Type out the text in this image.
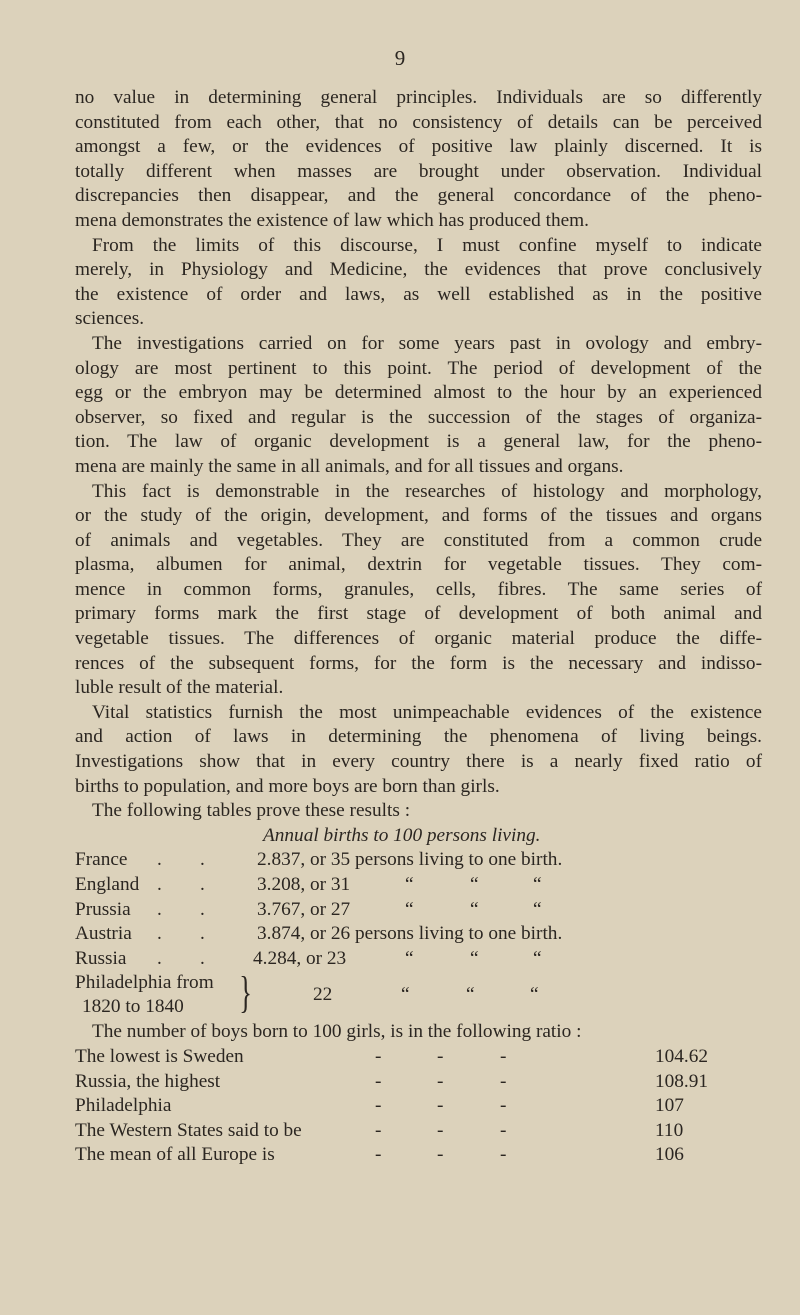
9
no value in determining general principles. Individuals are so differently
constituted from each other, that no consistency of details can be perceived
amongst a few, or the evidences of positive law plainly discerned. It is
totally different when masses are brought under observation. Individual
discrepancies then disappear, and the general concordance of the pheno-
mena demonstrates the existence of law which has produced them.
From the limits of this discourse, I must confine myself to indicate
merely, in Physiology and Medicine, the evidences that prove conclusively
the existence of order and laws, as well established as in the positive
sciences.
The investigations carried on for some years past in ovology and embry-
ology are most pertinent to this point. The period of development of the
egg or the embryon may be determined almost to the hour by an experienced
observer, so fixed and regular is the succession of the stages of organiza-
tion. The law of organic development is a general law, for the pheno-
mena are mainly the same in all animals, and for all tissues and organs.
This fact is demonstrable in the researches of histology and morphology,
or the study of the origin, development, and forms of the tissues and organs
of animals and vegetables. They are constituted from a common crude
plasma, albumen for animal, dextrin for vegetable tissues. They com-
mence in common forms, granules, cells, fibres. The same series of
primary forms mark the first stage of development of both animal and
vegetable tissues. The differences of organic material produce the diffe-
rences of the subsequent forms, for the form is the necessary and indisso-
luble result of the material.
Vital statistics furnish the most unimpeachable evidences of the existence
and action of laws in determining the phenomena of living beings.
Investigations show that in every country there is a nearly fixed ratio of
births to population, and more boys are born than girls.
The following tables prove these results :
Annual births to 100 persons living.
France . .	2.837, or 35 persons living to one birth.
England . .	3.208, or 31	“	“	“
Prussia . .	3.767, or 27	“	“	“
Austria . .	3.874, or 26 persons living to one birth.
Russia . . 4.284, or 23	“	“	“
Philadelphia from
1820 to 1840 }	22	“	“	“
The number of boys born to 100 girls, is in the following ratio :
The lowest is Sweden	-	-	-	104.62
Russia, the highest	-	-	-	108.91
Philadelphia	-	-	-	107
The Western States said to be	-	-	-	110
The mean of all Europe is	-	-	-	106
